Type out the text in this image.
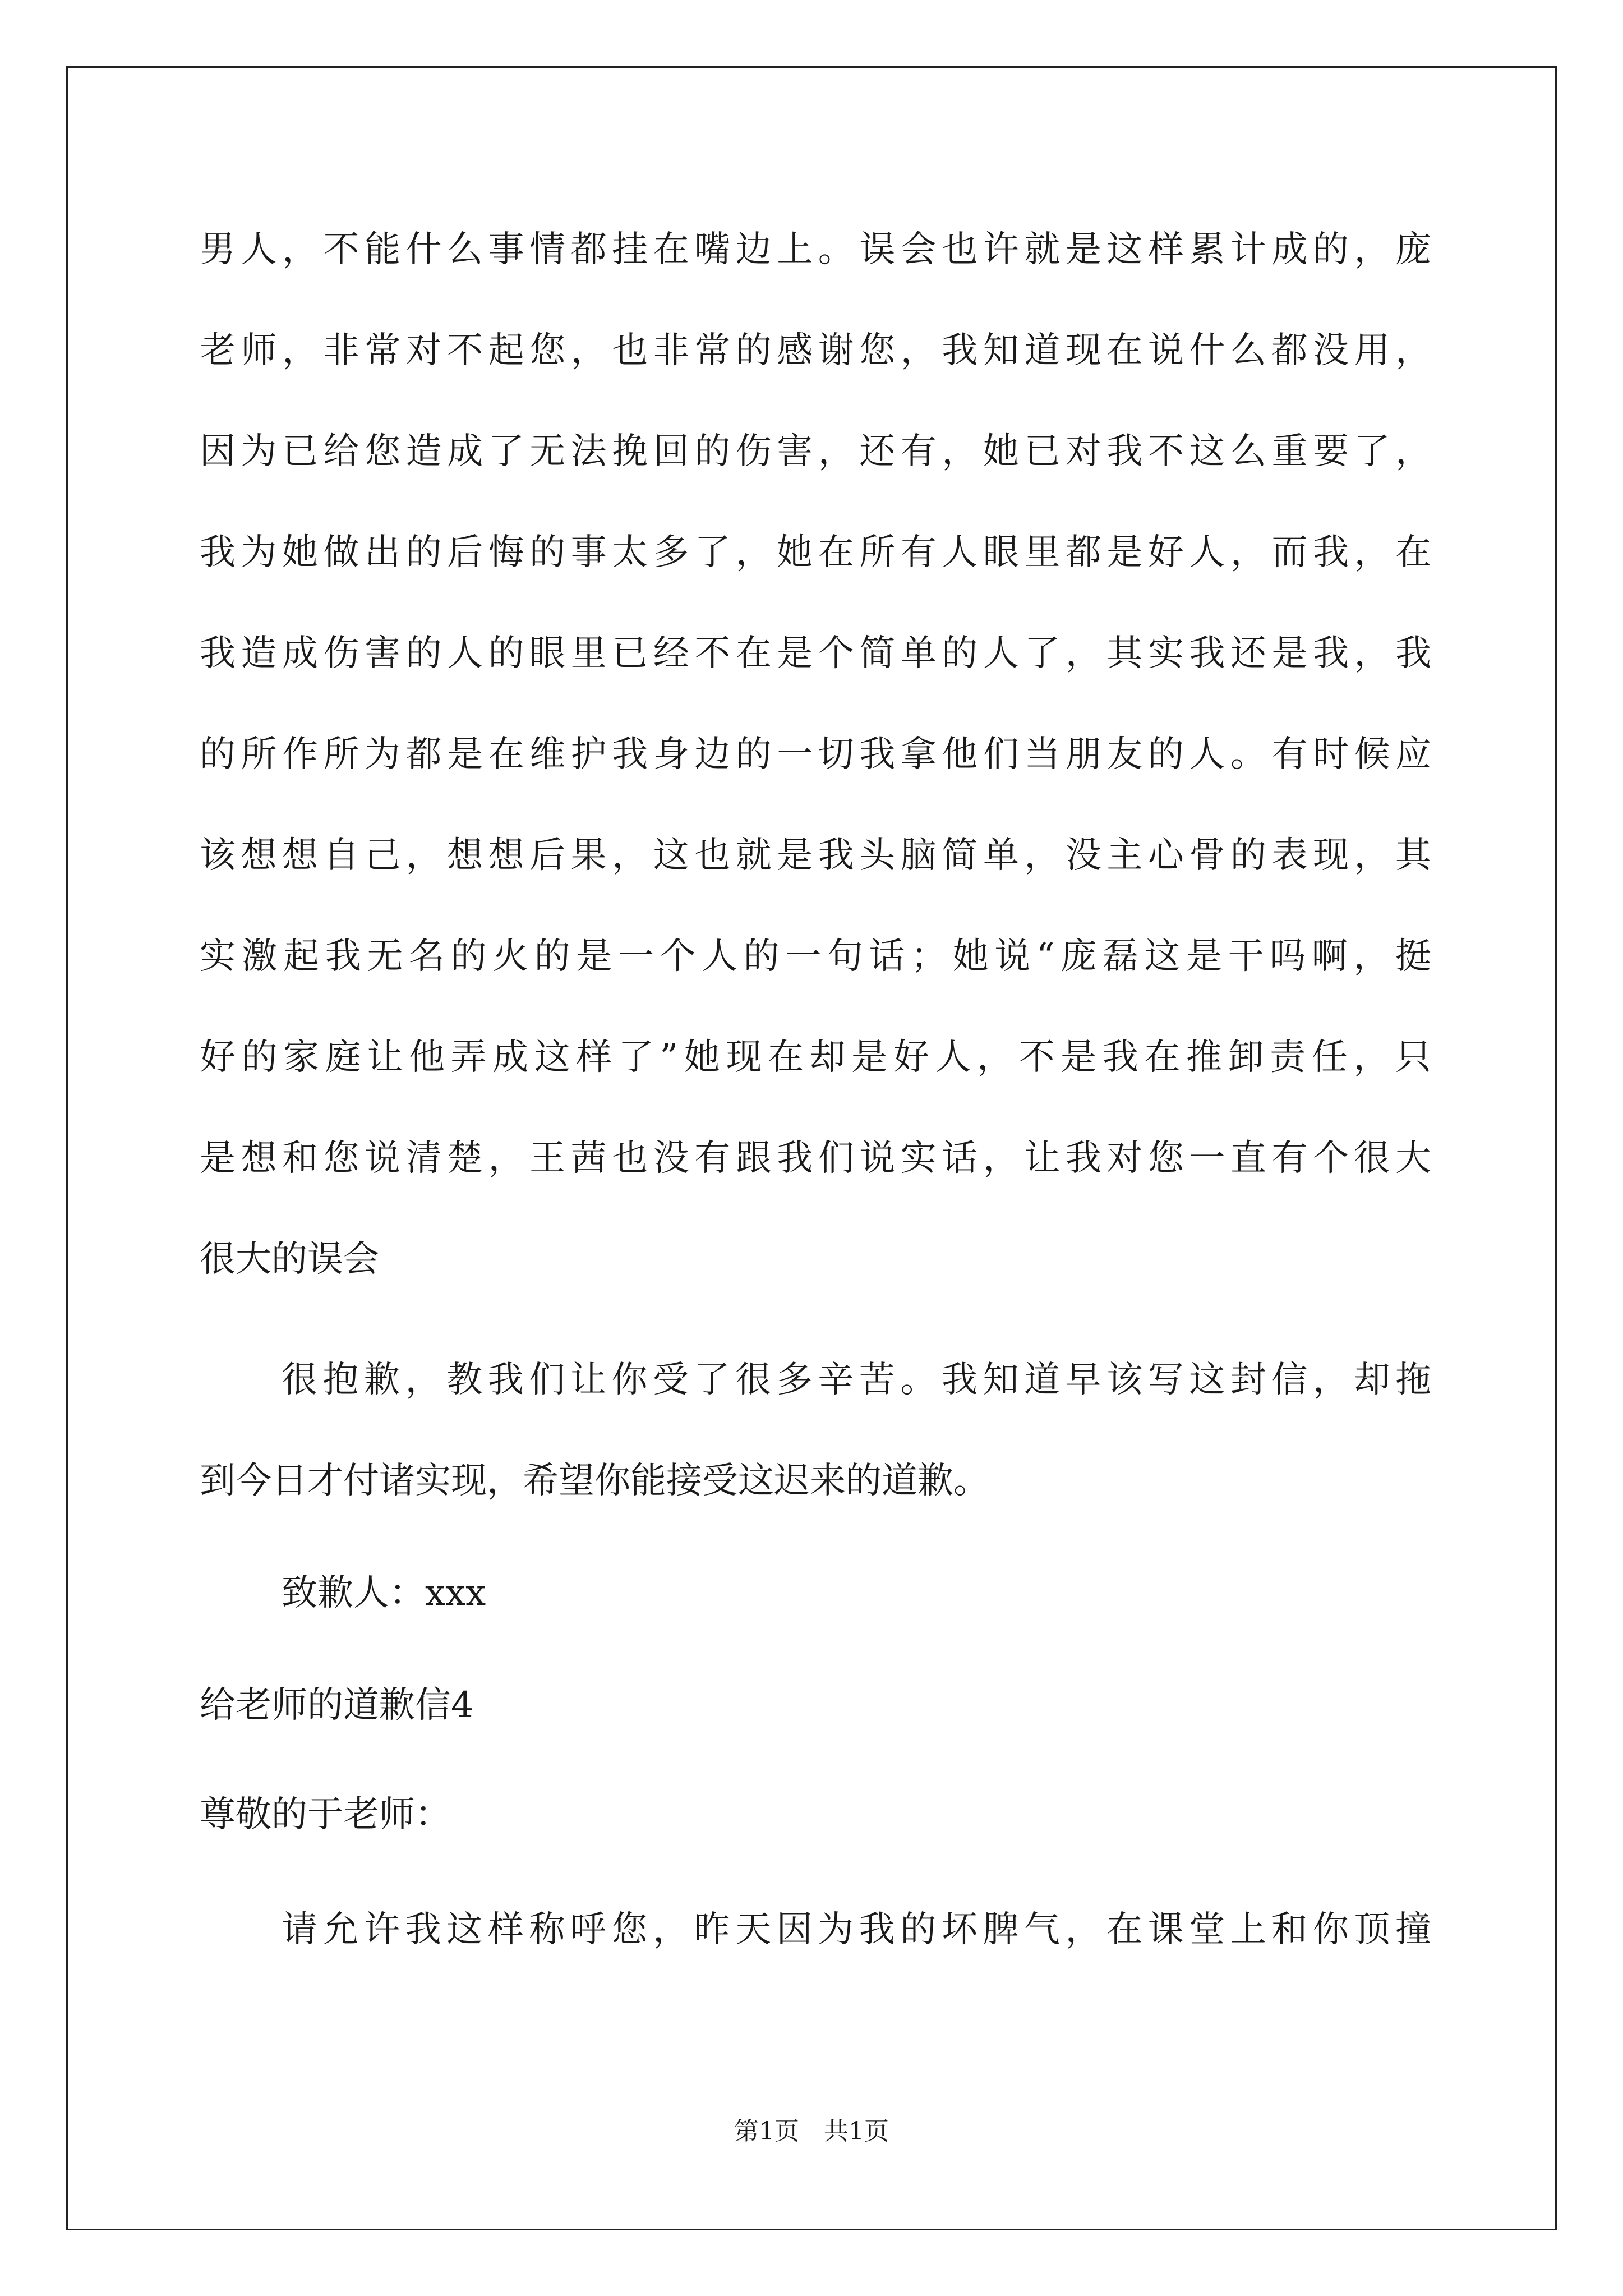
男人，不能什么事情都挂在嘴边上。误会也许就是这样累计成的，庞
老师，非常对不起您，也非常的感谢您，我知道现在说什么都没用，
因为已给您造成了无法挽回的伤害，还有，她已对我不这么重要了，
我为她做出的后悔的事太多了，她在所有人眼里都是好人，而我，在
我造成伤害的人的眼里已经不在是个简单的人了，其实我还是我，我
的所作所为都是在维护我身边的一切我拿他们当朋友的人。有时候应
该想想自己，想想后果，这也就是我头脑简单，没主心骨的表现，其
实激起我无名的火的是一个人的一句话；她说“庞磊这是干吗啊，挺
好的家庭让他弄成这样了”她现在却是好人，不是我在推卸责任，只
是想和您说清楚，王茜也没有跟我们说实话，让我对您一直有个很大
很大的误会
很抱歉，教我们让你受了很多辛苦。我知道早该写这封信，却拖
到今日才付诸实现，希望你能接受这迟来的道歉。
致歉人：xxx
给老师的道歉信4
尊敬的于老师：
请允许我这样称呼您，昨天因为我的坏脾气，在课堂上和你顶撞
第1页　共1页
